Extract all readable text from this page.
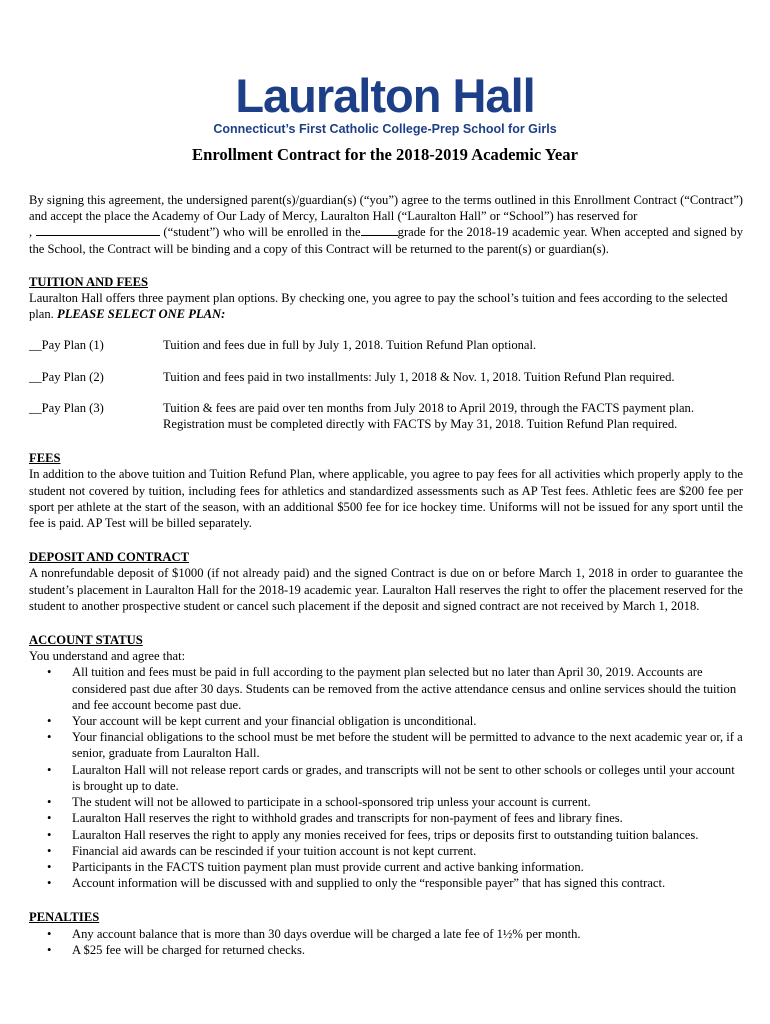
Lauralton Hall
Connecticut’s First Catholic College-Prep School for Girls
Enrollment Contract for the 2018-2019 Academic Year

By signing this agreement, the undersigned parent(s)/guardian(s) (“you”) agree to the terms outlined in this Enrollment Contract (“Contract”) and accept the place the Academy of Our Lady of Mercy, Lauralton Hall (“Lauralton Hall” or “School”) has reserved for
,	(“student”) who will be enrolled in the	grade for the 2018-19 academic year. When accepted and signed by the School, the Contract will be binding and a copy of this Contract will be returned to the parent(s) or guardian(s).

TUITION AND FEES

Lauralton Hall offers three payment plan options. By checking one, you agree to pay the school’s tuition and fees according to the selected plan. PLEASE SELECT ONE PLAN:

__Pay Plan (1)	Tuition and fees due in full by July 1, 2018. Tuition Refund Plan optional.
__Pay Plan (2)	Tuition and fees paid in two installments: July 1, 2018 & Nov. 1, 2018. Tuition Refund Plan required.
__Pay Plan (3)	Tuition & fees are paid over ten months from July 2018 to April 2019, through the FACTS payment plan.
Registration must be completed directly with FACTS by May 31, 2018. Tuition Refund Plan required.

FEES

In addition to the above tuition and Tuition Refund Plan, where applicable, you agree to pay fees for all activities which properly apply to the student not covered by tuition, including fees for athletics and standardized assessments such as AP Test fees. Athletic fees are $200 fee per sport per athlete at the start of the season, with an additional $500 fee for ice hockey time. Uniforms will not be issued for any sport until the fee is paid. AP Test will be billed separately.

DEPOSIT AND CONTRACT

A nonrefundable deposit of $1000 (if not already paid) and the signed Contract is due on or before March 1, 2018 in order to guarantee the student’s placement in Lauralton Hall for the 2018-19 academic year. Lauralton Hall reserves the right to offer the placement reserved for the student to another prospective student or cancel such placement if the deposit and signed contract are not received by March 1, 2018.

ACCOUNT STATUS

You understand and agree that:

• All tuition and fees must be paid in full according to the payment plan selected but no later than April 30, 2019. Accounts are considered past due after 30 days. Students can be removed from the active attendance census and online services should the tuition and fee account become past due.
• Your account will be kept current and your financial obligation is unconditional.
• Your financial obligations to the school must be met before the student will be permitted to advance to the next academic year or, if a senior, graduate from Lauralton Hall.
• Lauralton Hall will not release report cards or grades, and transcripts will not be sent to other schools or colleges until your account is brought up to date.
• The student will not be allowed to participate in a school-sponsored trip unless your account is current.
• Lauralton Hall reserves the right to withhold grades and transcripts for non-payment of fees and library fines.
• Lauralton Hall reserves the right to apply any monies received for fees, trips or deposits first to outstanding tuition balances.
• Financial aid awards can be rescinded if your tuition account is not kept current.
• Participants in the FACTS tuition payment plan must provide current and active banking information.
• Account information will be discussed with and supplied to only the “responsible payer” that has signed this contract.

PENALTIES

• Any account balance that is more than 30 days overdue will be charged a late fee of 1½% per month.
• A $25 fee will be charged for returned checks.
